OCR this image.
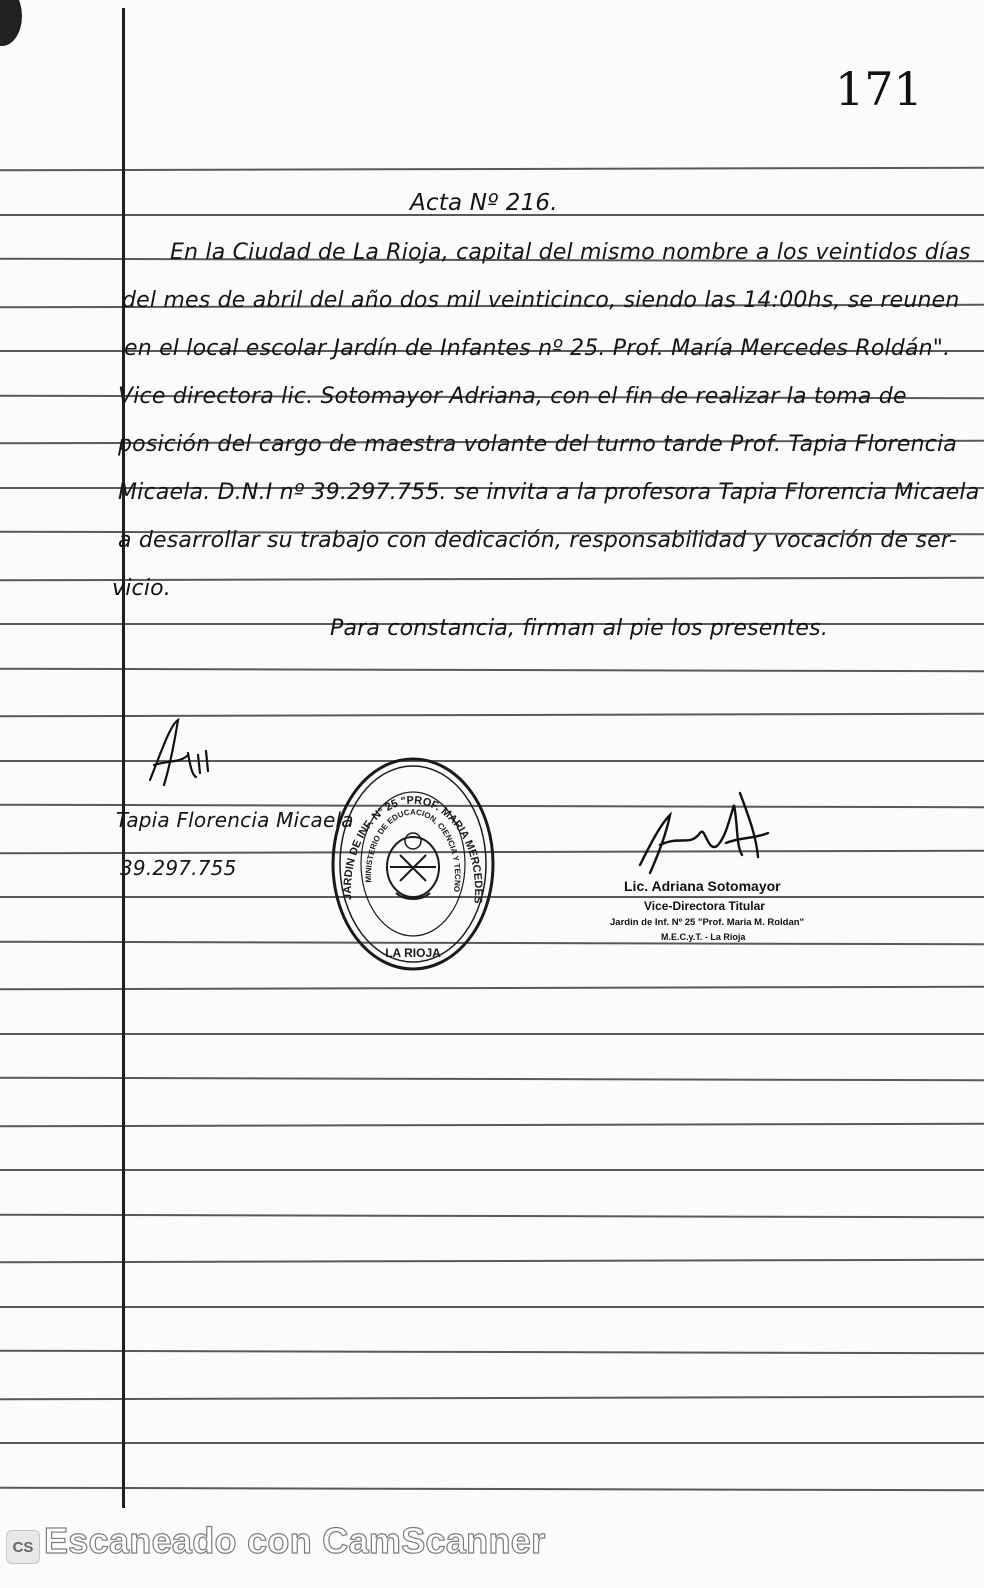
171
Acta Nº 216.
En la Ciudad de La Rioja, capital del mismo nombre a los veintidos días
del mes de abril del año dos mil veinticinco, siendo las 14:00hs, se reunen
en el local escolar Jardín de Infantes nº 25. Prof. María Mercedes Roldán".
Vice directora lic. Sotomayor Adriana, con el fin de realizar la toma de
posición del cargo de maestra volante del turno tarde Prof. Tapia Florencia
Micaela. D.N.I nº 39.297.755. se invita a la profesora Tapia Florencia Micaela
a desarrollar su trabajo con dedicación, responsabilidad y vocación de ser-
vicio.
Para constancia, firman al pie los presentes.
Tapia Florencia Micaela
39.297.755
JARDIN DE INF. Nº 25 "PROF. MARIA MERCEDES
MINISTERIO DE EDUCACION, CIENCIA Y TECNO
LA RIOJA
Lic. Adriana Sotomayor
Vice-Directora Titular
Jardin de Inf. Nº 25 "Prof. Maria M. Roldan"
M.E.C.y.T. - La Rioja
CS Escaneado con CamScanner
